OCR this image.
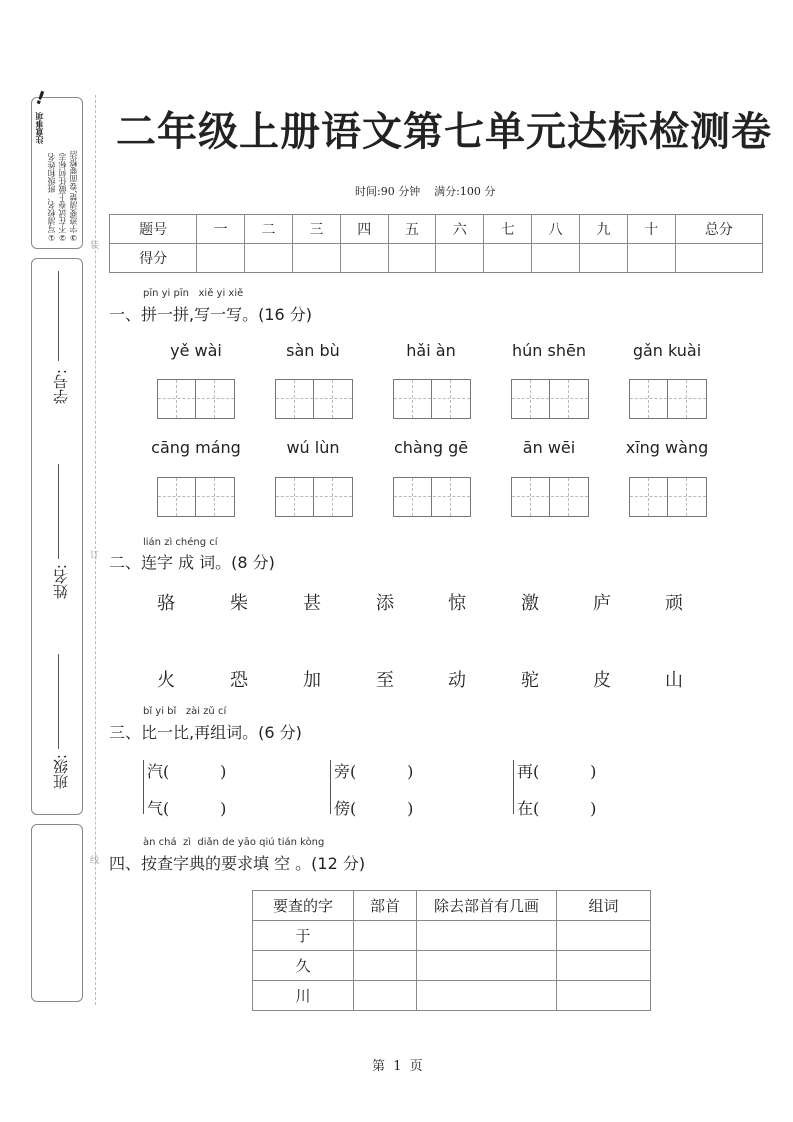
注意事项
①写清校名、班级和姓名 ②不在试卷上做任何标志 ③字迹要清楚,卷面要整洁
!
学号:
姓名:
班级:
装
订
线
二年级上册语文第七单元达标检测卷
时间:90 分钟    满分:100 分
题号	一	二	三	四	五	六	七	八	九	十	总分
得分											
pīn yi pīn   xiě yi xiě
一、拼一拼,写一写。(16 分)
yě wài	sàn bù	hǎi àn	hún shēn	gǎn kuài
cāng máng	wú lùn	chàng gē	ān wēi	xīng wàng
lián zì chéng cí
二、连字 成 词。(8 分)
骆	柴	甚	添	惊	激	庐	顽
火	恐	加	至	动	驼	皮	山
bǐ yi bǐ   zài zǔ cí
三、比一比,再组词。(6 分)
汽(          )
气(          )
旁(          )
傍(          )
再(          )
在(          )
àn chá  zì  diǎn de yāo qiú tián kòng
四、按查字典的要求填 空 。(12 分)
要查的字	部首	除去部首有几画	组词
于			
久			
川			
第  1  页
